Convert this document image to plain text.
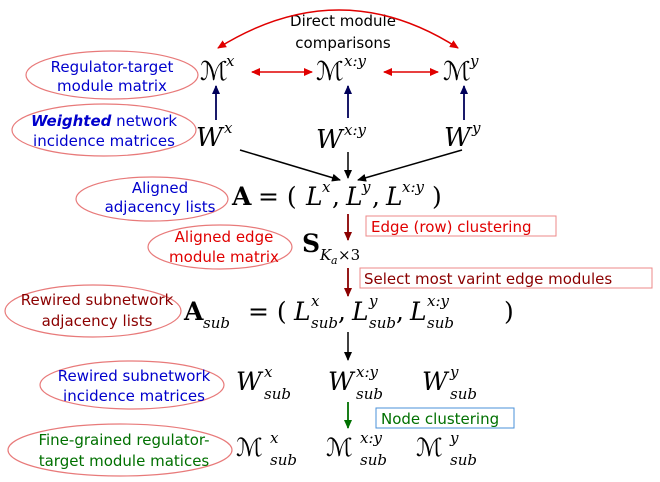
Direct module
comparisons
ℳ
x	ℳ x:y	ℳ y
W x	W x:y	W y
A = ( L x , L y , L x:y )
Edge (row) clustering
S K a ×3
Select most varint edge modules
A sub = ( L x
sub , L y
sub , L x:y
sub )
W x
sub W x:y
sub W y
sub
Node clustering
ℳ x
sub ℳ x:y
sub ℳ y
sub
Regulator-target
module matrix
Weighted network
incidence matrices
Aligned
adjacency lists
Aligned edge
module matrix
Rewired subnetwork
adjacency lists
Rewired subnetwork
incidence matrices
Fine-grained regulator-
target module matices
